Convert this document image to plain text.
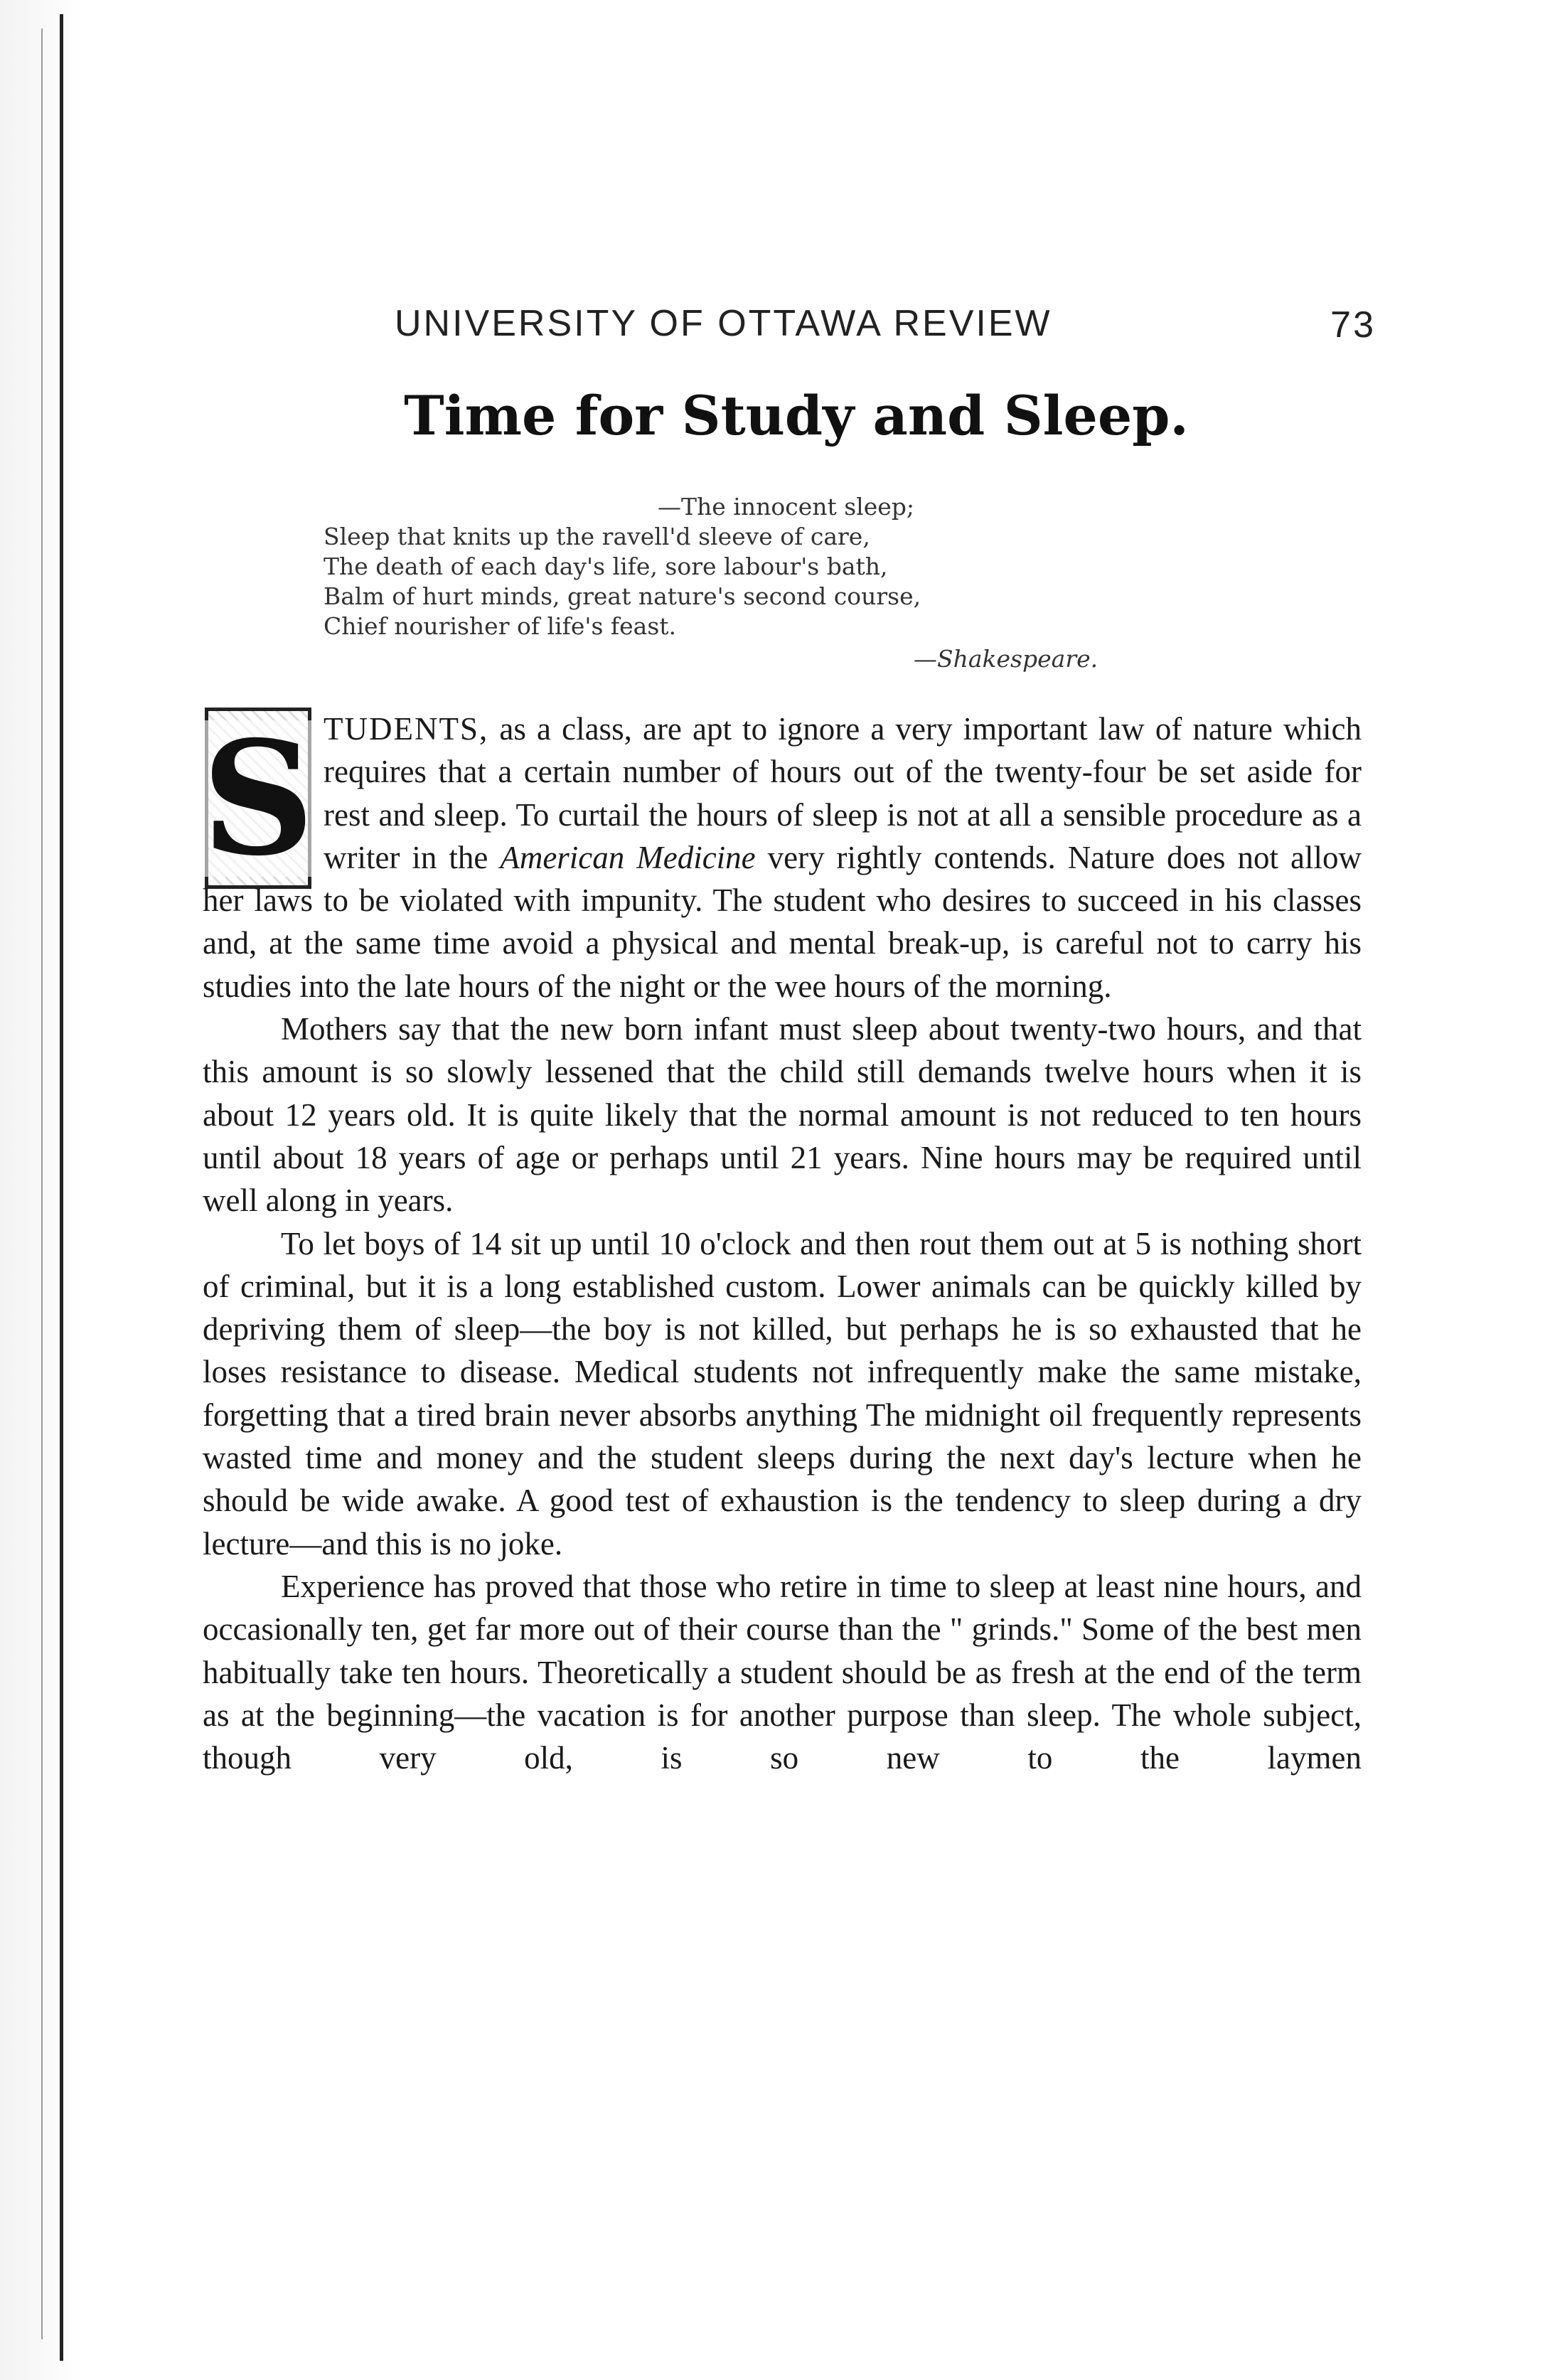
UNIVERSITY OF OTTAWA REVIEW	73
Time for Study and Sleep.
—The innocent sleep;
Sleep that knits up the ravell'd sleeve of care,
The death of each day's life, sore labour's bath,
Balm of hurt minds, great nature's second course,
Chief nourisher of life's feast.
—Shakespeare.
S TUDENTS, as a class, are apt to ignore a very important law of nature which requires that a certain number of hours out of the twenty-four be set aside for rest and sleep. To curtail the hours of sleep is not at all a sensible procedure as a writer in the American Medicine very rightly contends. Nature does not allow her laws to be violated with impunity. The student who desires to succeed in his classes and, at the same time avoid a physical and mental break-up, is careful not to carry his studies into the late hours of the night or the wee hours of the morning.

Mothers say that the new born infant must sleep about twenty-two hours, and that this amount is so slowly lessened that the child still demands twelve hours when it is about 12 years old. It is quite likely that the normal amount is not reduced to ten hours until about 18 years of age or perhaps until 21 years. Nine hours may be required until well along in years.

To let boys of 14 sit up until 10 o'clock and then rout them out at 5 is nothing short of criminal, but it is a long established custom. Lower animals can be quickly killed by depriving them of sleep—the boy is not killed, but perhaps he is so exhausted that he loses resistance to disease. Medical students not infrequently make the same mistake, forgetting that a tired brain never absorbs anything The midnight oil frequently represents wasted time and money and the student sleeps during the next day's lecture when he should be wide awake. A good test of exhaustion is the tendency to sleep during a dry lecture—and this is no joke.

Experience has proved that those who retire in time to sleep at least nine hours, and occasionally ten, get far more out of their course than the " grinds." Some of the best men habitually take ten hours. Theoretically a student should be as fresh at the end of the term as at the beginning—the vacation is for another purpose than sleep. The whole subject, though very old, is so new to the laymen
